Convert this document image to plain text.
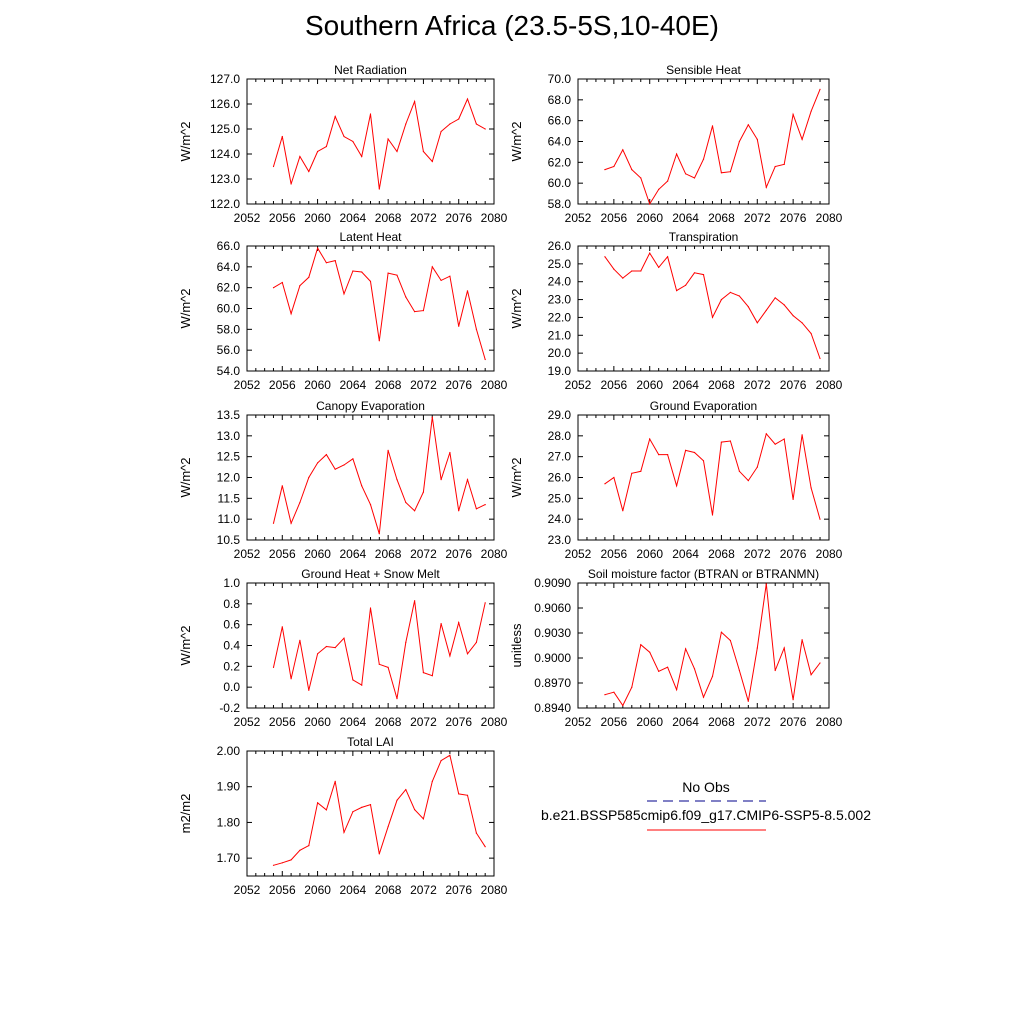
Southern Africa (23.5-5S,10-40E)
No Obs
b.e21.BSSP585cmip6.f09_g17.CMIP6-SSP5-8.5.002
Net Radiation
W/m^2
2052 2056 2060 2064 2068 2072 2076 2080
122.0
123.0
124.0
125.0
126.0
127.0
Sensible Heat
W/m^2
2052 2056 2060 2064 2068 2072 2076 2080
58.0
60.0
62.0
64.0
66.0
68.0
70.0
Latent Heat
W/m^2
2052 2056 2060 2064 2068 2072 2076 2080
54.0
56.0
58.0
60.0
62.0
64.0
66.0
Transpiration
W/m^2
2052 2056 2060 2064 2068 2072 2076 2080
19.0
20.0
21.0
22.0
23.0
24.0
25.0
26.0
Canopy Evaporation
W/m^2
2052 2056 2060 2064 2068 2072 2076 2080
10.5
11.0
11.5
12.0
12.5
13.0
13.5
Ground Evaporation
W/m^2
2052 2056 2060 2064 2068 2072 2076 2080
23.0
24.0
25.0
26.0
27.0
28.0
29.0
Ground Heat + Snow Melt
W/m^2
2052 2056 2060 2064 2068 2072 2076 2080
-0.2
0.0
0.2
0.4
0.6
0.8
1.0
Soil moisture factor (BTRAN or BTRANMN)
unitless
2052 2056 2060 2064 2068 2072 2076 2080
0.8940
0.8970
0.9000
0.9030
0.9060
0.9090
Total LAI
m2/m2
2052 2056 2060 2064 2068 2072 2076 2080
1.70
1.80
1.90
2.00
